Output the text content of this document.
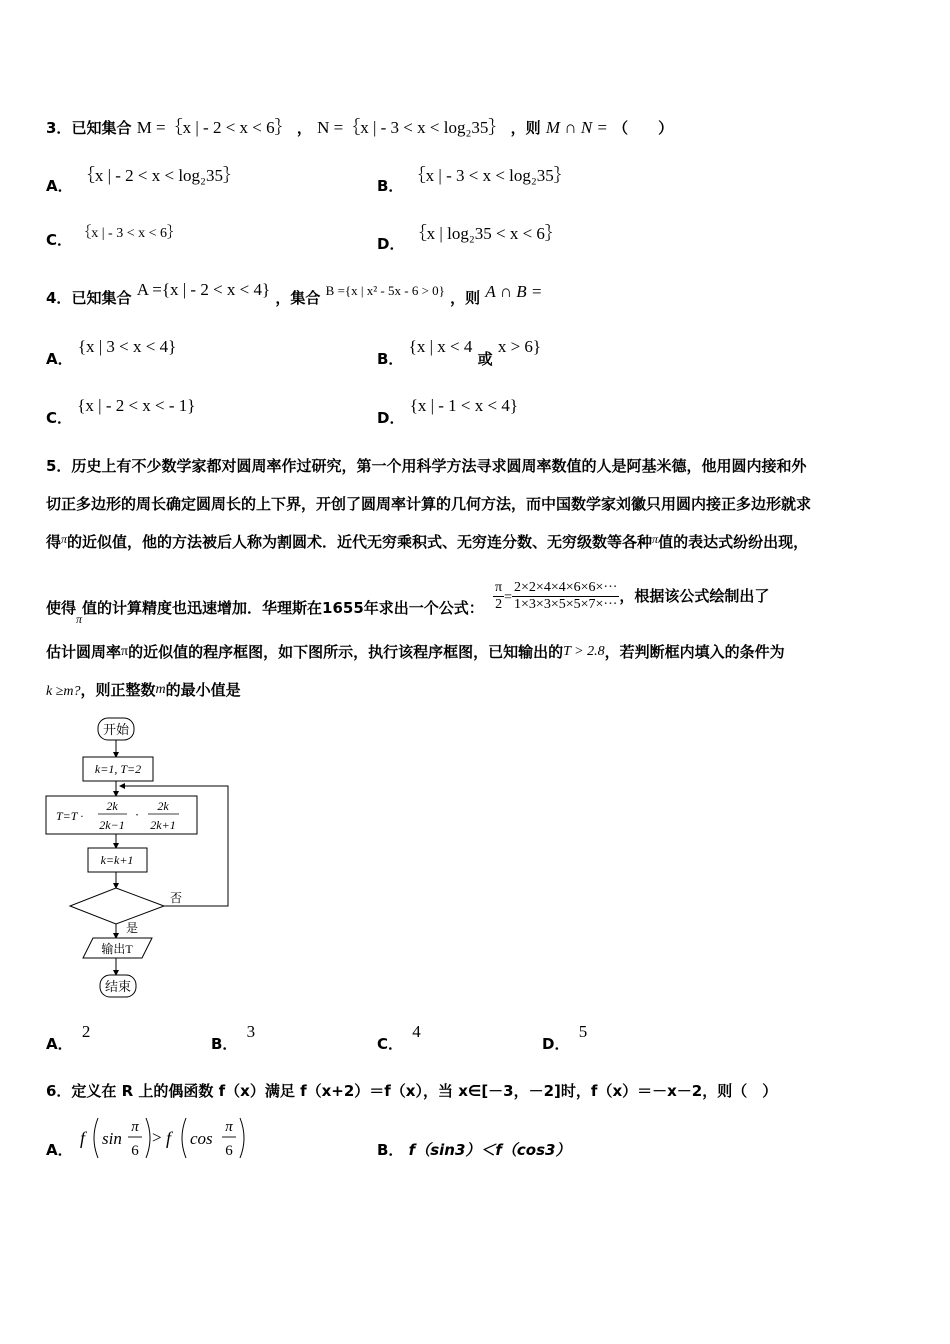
3．已知集合 M =｛x | - 2 < x < 6｝ ， N =｛x | - 3 < x < log₂35｝ ，则 M ∩ N = （　　）
A． ｛x | - 2 < x < log₂35｝
B． ｛x | - 3 < x < log₂35｝
C． ｛x | - 3 < x < 6｝
D． ｛x | log₂35 < x < 6｝
4．已知集合 A ={x | - 2 < x < 4} ，集合 B ={x | x² - 5x - 6 > 0} ，则 A ∩ B =
A． {x | 3 < x < 4}
B． {x | x < 4 或 x > 6}
C． {x | - 2 < x < - 1}
D． {x | - 1 < x < 4}
5．历史上有不少数学家都对圆周率作过研究，第一个用科学方法寻求圆周率数值的人是阿基米德，他用圆内接和外
切正多边形的周长确定圆周长的上下界，开创了圆周率计算的几何方法，而中国数学家刘徽只用圆内接正多边形就求
得$^\pi$的近似值，他的方法被后人称为割圆术．近代无穷乘积式、无穷连分数、无穷级数等各种$^\pi$值的表达式纷纷出现，
使得$_\pi$值的计算精度也迅速增加．华理斯在1655年求出一个公式： $\frac{\pi}{2} = \frac{2\times 2\times 4\times 4\times 6\times 6\times\cdot\cdot\cdot}{1\times 3\times 3\times 5\times 5\times 7\times\cdot\cdot\cdot}$ ，根据该公式绘制出了
估计圆周率π的近似值的程序框图，如下图所示，执行该程序框图，已知输出的T > 2.8，若判断框内填入的条件为
k ≥m?，则正整数m的最小值是
开始
k=1, T=2
T=T ·
2k
2k−1
·
2k
2k+1
k=k+1
否
是
输出T
结束
A． 2
B． 3
C． 4
D． 5
6．定义在 R 上的偶函数 f（x）满足 f（x+2）＝f（x），当 x∈[－3，－2]时，f（x）＝－x－2，则（　）
A．
f sin
π
6
> f cos
π
6	B． f（sin3）＜f（cos3）
